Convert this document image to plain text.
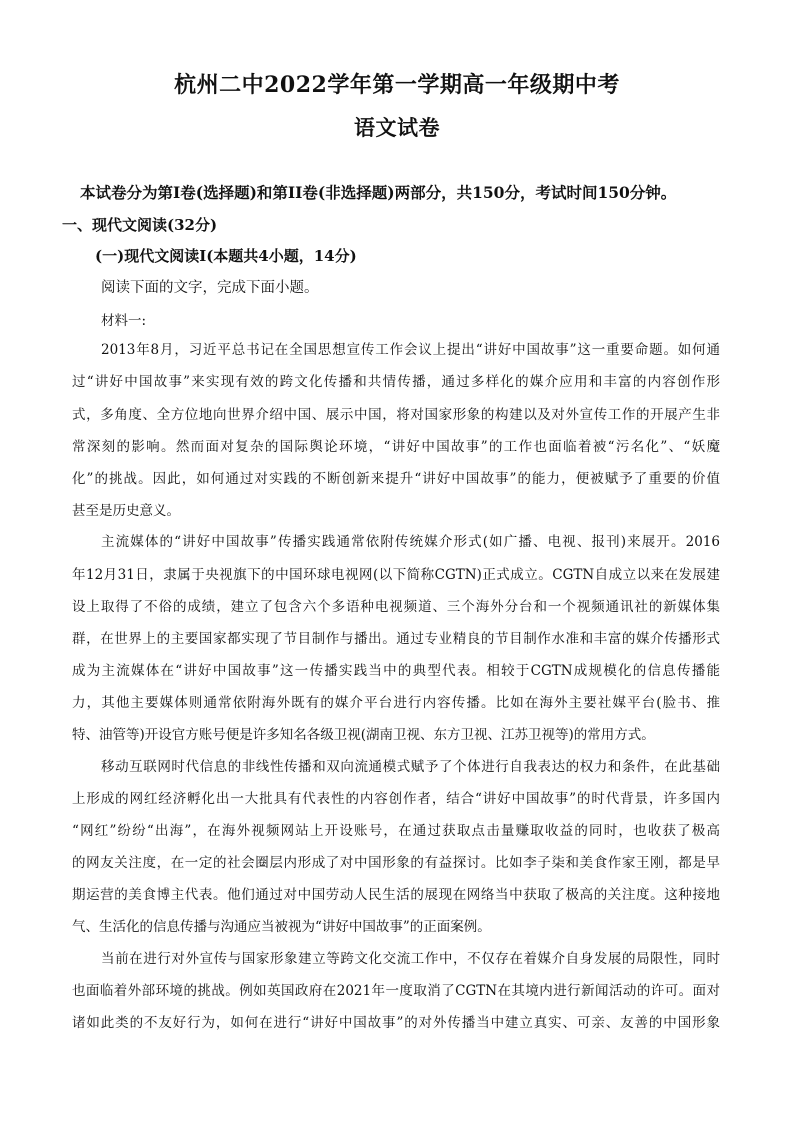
杭州二中2022学年第一学期高一年级期中考
语文试卷

本试卷分为第I卷(选择题)和第II卷(非选择题)两部分，共150分，考试时间150分钟。

一、现代文阅读(32分)

(一)现代文阅读I(本题共4小题，14分)

阅读下面的文字，完成下面小题。

材料一:

2013年8月，习近平总书记在全国思想宣传工作会议上提出“讲好中国故事”这一重要命题。如何通

过“讲好中国故事”来实现有效的跨文化传播和共情传播，通过多样化的媒介应用和丰富的内容创作形

式，多角度、全方位地向世界介绍中国、展示中国，将对国家形象的构建以及对外宣传工作的开展产生非

常深刻的影响。然而面对复杂的国际舆论环境，“讲好中国故事”的工作也面临着被“污名化”、“妖魔

化”的挑战。因此，如何通过对实践的不断创新来提升“讲好中国故事”的能力，便被赋予了重要的价值

甚至是历史意义。

主流媒体的“讲好中国故事”传播实践通常依附传统媒介形式(如广播、电视、报刊)来展开。2016

年12月31日，隶属于央视旗下的中国环球电视网(以下简称CGTN)正式成立。CGTN自成立以来在发展建

设上取得了不俗的成绩，建立了包含六个多语种电视频道、三个海外分台和一个视频通讯社的新媒体集

群，在世界上的主要国家都实现了节目制作与播出。通过专业精良的节目制作水准和丰富的媒介传播形式

成为主流媒体在“讲好中国故事”这一传播实践当中的典型代表。相较于CGTN成规模化的信息传播能

力，其他主要媒体则通常依附海外既有的媒介平台进行内容传播。比如在海外主要社媒平台(脸书、推

特、油管等)开设官方账号便是许多知名各级卫视(湖南卫视、东方卫视、江苏卫视等)的常用方式。

移动互联网时代信息的非线性传播和双向流通模式赋予了个体进行自我表达的权力和条件，在此基础

上形成的网红经济孵化出一大批具有代表性的内容创作者，结合“讲好中国故事”的时代背景，许多国内

“网红”纷纷“出海”，在海外视频网站上开设账号，在通过获取点击量赚取收益的同时，也收获了极高

的网友关注度，在一定的社会圈层内形成了对中国形象的有益探讨。比如李子柒和美食作家王刚，都是早

期运营的美食博主代表。他们通过对中国劳动人民生活的展现在网络当中获取了极高的关注度。这种接地

气、生活化的信息传播与沟通应当被视为“讲好中国故事”的正面案例。

当前在进行对外宣传与国家形象建立等跨文化交流工作中，不仅存在着媒介自身发展的局限性，同时

也面临着外部环境的挑战。例如英国政府在2021年一度取消了CGTN在其境内进行新闻活动的许可。面对

诸如此类的不友好行为，如何在进行“讲好中国故事”的对外传播当中建立真实、可亲、友善的中国形象
